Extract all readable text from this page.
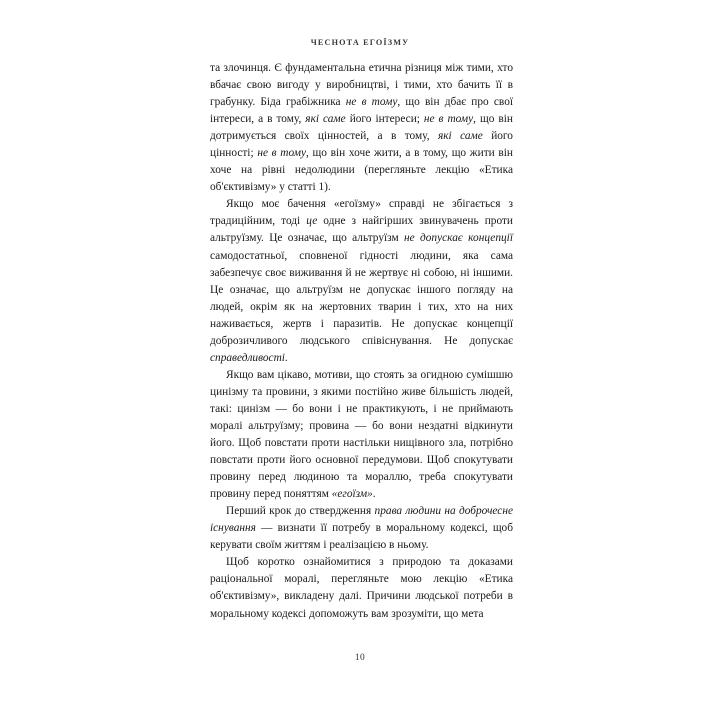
ЧЕСНОТА ЕГОЇЗМУ

та злочинця. Є фундаментальна етична різниця між тими, хто вбачає свою вигоду у виробництві, і тими, хто бачить її в грабунку. Біда грабіжника не в тому, що він дбає про свої інтереси, а в тому, які саме його інтереси; не в тому, що він дотримується своїх цінностей, а в тому, які саме його цінності; не в тому, що він хоче жити, а в тому, що жити він хоче на рівні недолюдини (перегляньте лекцію «Етика об'єктивізму» у статті 1).

Якщо моє бачення «егоїзму» справді не збігається з традиційним, тоді це одне з найгірших звинувачень проти альтруїзму. Це означає, що альтруїзм не допускає концепції самодостатньої, сповненої гідності людини, яка сама забезпечує своє виживання й не жертвує ні собою, ні іншими. Це означає, що альтруїзм не допускає іншого погляду на людей, окрім як на жертовних тварин і тих, хто на них наживається, жертв і паразитів. Не допускає концепції доброзичливого людського співіснування. Не допускає справедливості.

Якщо вам цікаво, мотиви, що стоять за огидною сумішшю цинізму та провини, з якими постійно живе більшість людей, такі: цинізм — бо вони і не практикують, і не приймають моралі альтруїзму; провина — бо вони нездатні відкинути його. Щоб повстати проти настільки нищівного зла, потрібно повстати проти його основної передумови. Щоб спокутувати провину перед людиною та мораллю, треба спокутувати провину перед поняттям «егоїзм».

Перший крок до ствердження права людини на доброчесне існування — визнати її потребу в моральному кодексі, щоб керувати своїм життям і реалізацією в ньому.

Щоб коротко ознайомитися з природою та доказами раціональної моралі, перегляньте мою лекцію «Етика об'єктивізму», викладену далі. Причини людської потреби в моральному кодексі допоможуть вам зрозуміти, що мета

10
